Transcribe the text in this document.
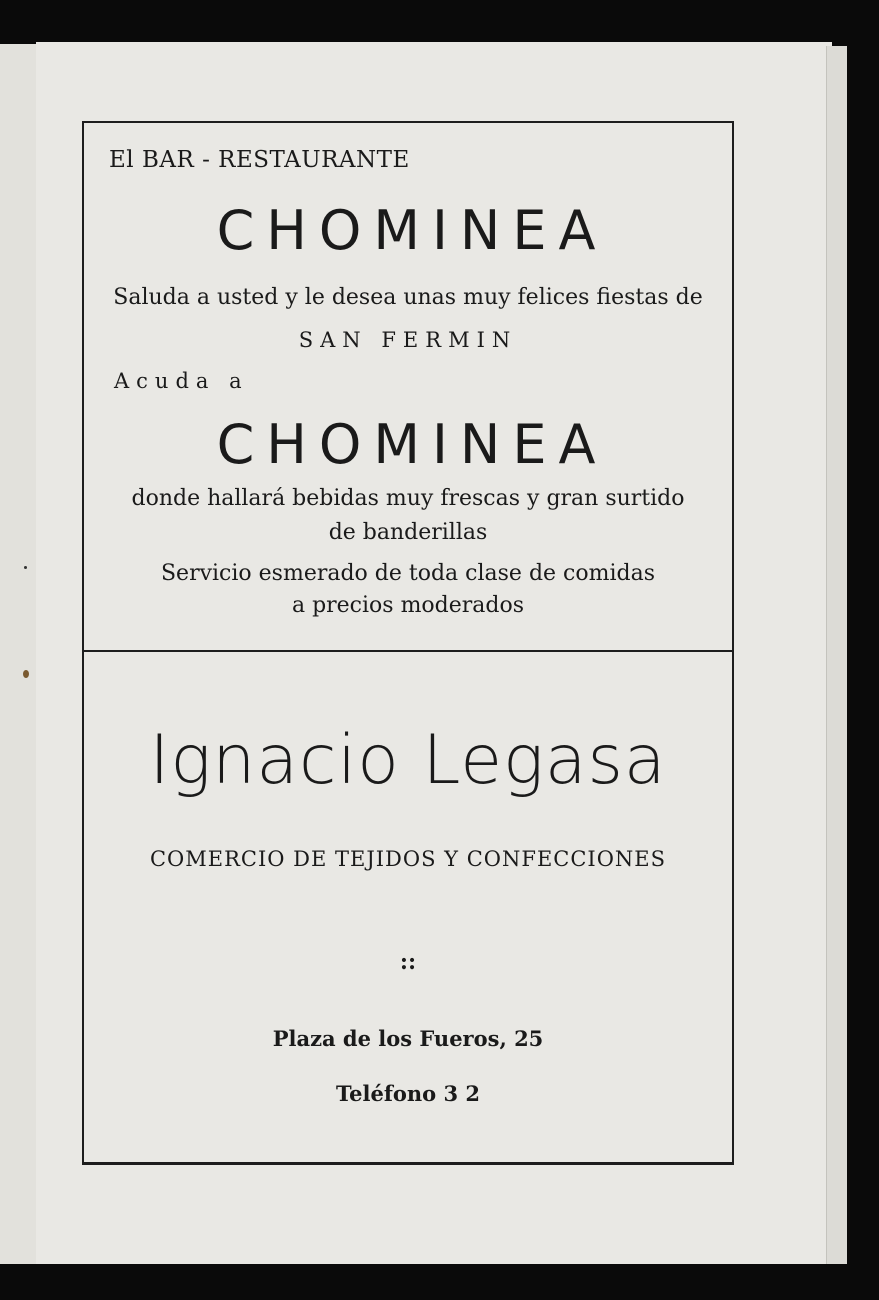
El BAR - RESTAURANTE
CHOMINEA
Saluda a usted y le desea unas muy felices fiestas de
SAN FERMIN
Acuda a
CHOMINEA
donde hallará bebidas muy frescas y gran surtido
de banderillas
Servicio esmerado de toda clase de comidas
a precios moderados
Ignacio Legasa
COMERCIO DE TEJIDOS Y CONFECCIONES
::
Plaza de los Fueros, 25
Teléfono 3 2
